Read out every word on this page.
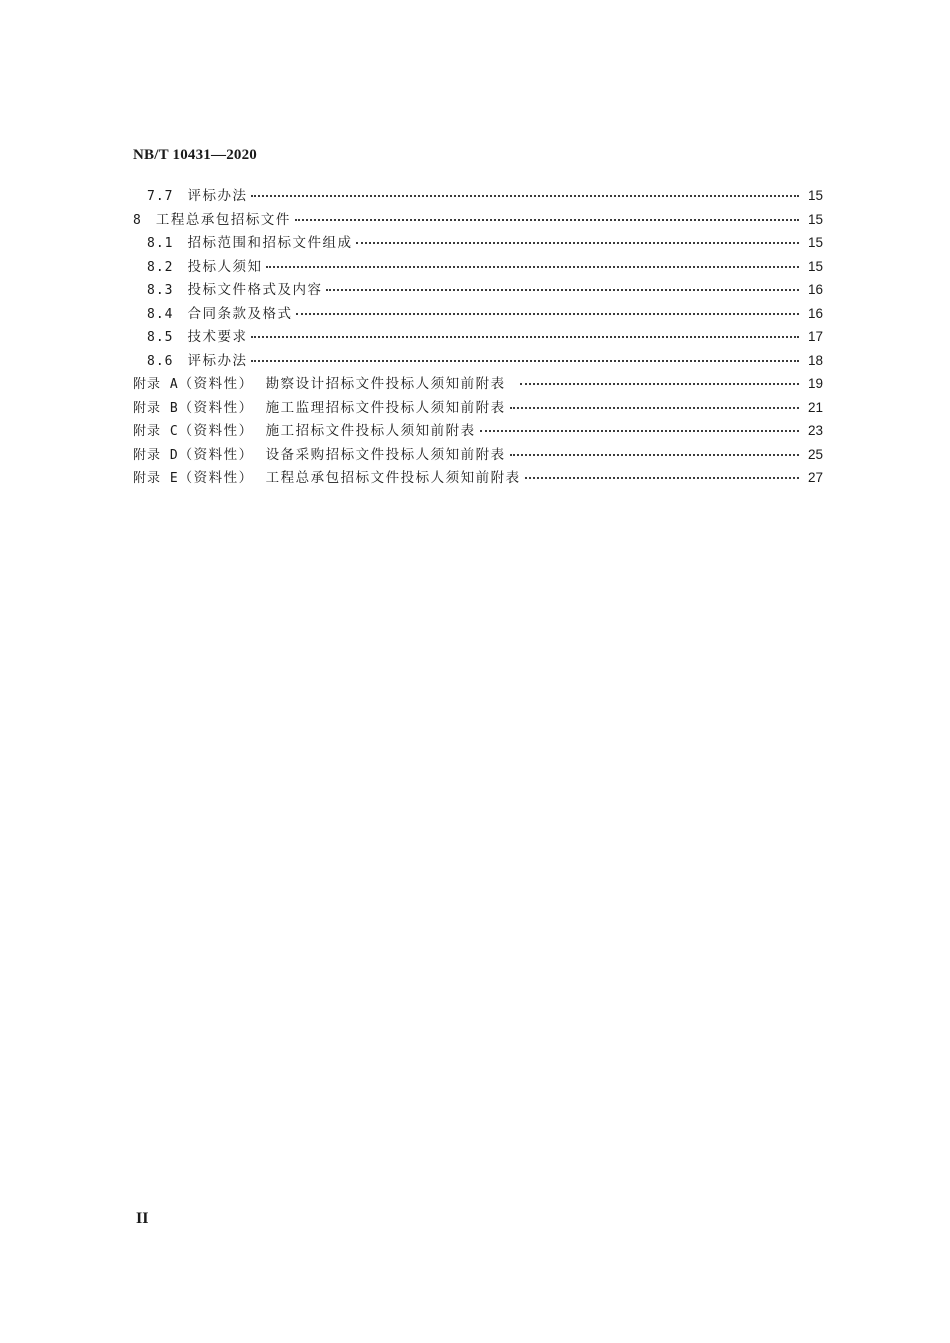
NB/T 10431—2020
7.7 评标办法	15
8 工程总承包招标文件	15
8.1 招标范围和招标文件组成	15
8.2 投标人须知	15
8.3 投标文件格式及内容	16
8.4 合同条款及格式	16
8.5 技术要求	17
8.6 评标办法	18
附录 A （资料性） 勘察设计招标文件投标人须知前附表	19
附录 B （资料性） 施工监理招标文件投标人须知前附表	21
附录 C （资料性） 施工招标文件投标人须知前附表	23
附录 D （资料性） 设备采购招标文件投标人须知前附表	25
附录 E （资料性） 工程总承包招标文件投标人须知前附表	27
II
